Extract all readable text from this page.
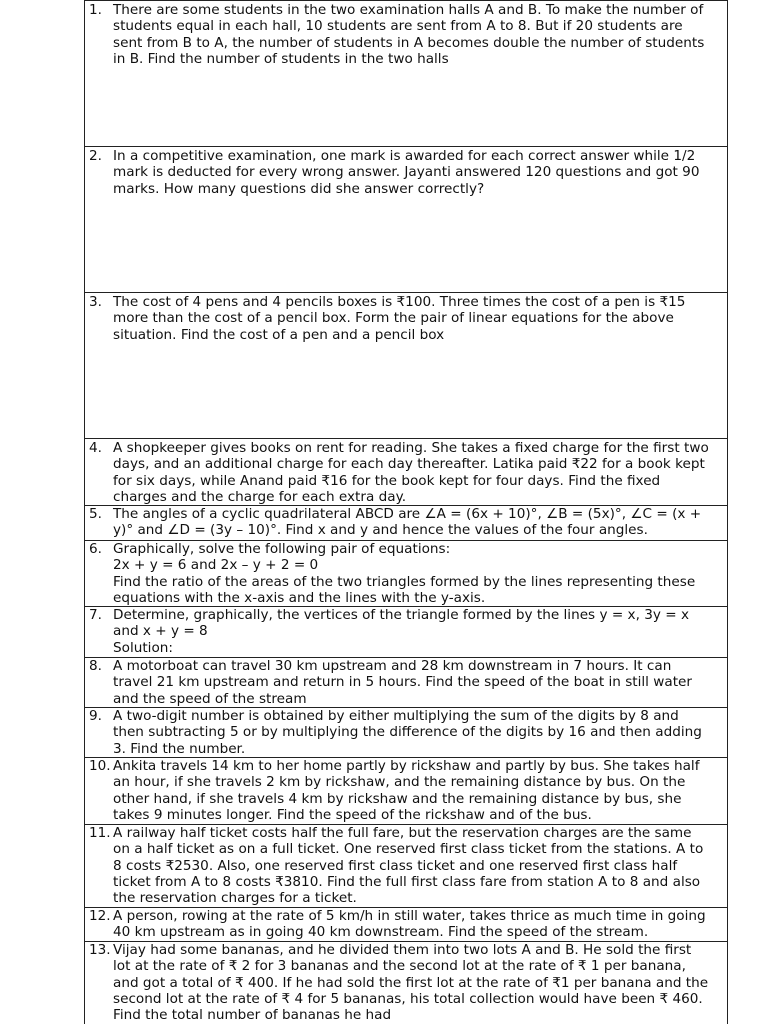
1. There are some students in the two examination halls A and B. To make the number of
students equal in each hall, 10 students are sent from A to 8. But if 20 students are
sent from B to A, the number of students in A becomes double the number of students
in B. Find the number of students in the two halls
2. In a competitive examination, one mark is awarded for each correct answer while 1/2
mark is deducted for every wrong answer. Jayanti answered 120 questions and got 90
marks. How many questions did she answer correctly?
3. The cost of 4 pens and 4 pencils boxes is ₹100. Three times the cost of a pen is ₹15
more than the cost of a pencil box. Form the pair of linear equations for the above
situation. Find the cost of a pen and a pencil box
4. A shopkeeper gives books on rent for reading. She takes a fixed charge for the first two
days, and an additional charge for each day thereafter. Latika paid ₹22 for a book kept
for six days, while Anand paid ₹16 for the book kept for four days. Find the fixed
charges and the charge for each extra day.
5. The angles of a cyclic quadrilateral ABCD are ∠A = (6x + 10)°, ∠B = (5x)°, ∠C = (x +
y)° and ∠D = (3y – 10)°. Find x and y and hence the values of the four angles.
6. Graphically, solve the following pair of equations:
2x + y = 6 and 2x – y + 2 = 0
Find the ratio of the areas of the two triangles formed by the lines representing these
equations with the x-axis and the lines with the y-axis.
7. Determine, graphically, the vertices of the triangle formed by the lines y = x, 3y = x
and x + y = 8
Solution:
8. A motorboat can travel 30 km upstream and 28 km downstream in 7 hours. It can
travel 21 km upstream and return in 5 hours. Find the speed of the boat in still water
and the speed of the stream
9. A two-digit number is obtained by either multiplying the sum of the digits by 8 and
then subtracting 5 or by multiplying the difference of the digits by 16 and then adding
3. Find the number.
10. Ankita travels 14 km to her home partly by rickshaw and partly by bus. She takes half
an hour, if she travels 2 km by rickshaw, and the remaining distance by bus. On the
other hand, if she travels 4 km by rickshaw and the remaining distance by bus, she
takes 9 minutes longer. Find the speed of the rickshaw and of the bus.
11. A railway half ticket costs half the full fare, but the reservation charges are the same
on a half ticket as on a full ticket. One reserved first class ticket from the stations. A to
8 costs ₹2530. Also, one reserved first class ticket and one reserved first class half
ticket from A to 8 costs ₹3810. Find the full first class fare from station A to 8 and also
the reservation charges for a ticket.
12. A person, rowing at the rate of 5 km/h in still water, takes thrice as much time in going
40 km upstream as in going 40 km downstream. Find the speed of the stream.
13. Vijay had some bananas, and he divided them into two lots A and B. He sold the first
lot at the rate of ₹ 2 for 3 bananas and the second lot at the rate of ₹ 1 per banana,
and got a total of ₹ 400. If he had sold the first lot at the rate of ₹1 per banana and the
second lot at the rate of ₹ 4 for 5 bananas, his total collection would have been ₹ 460.
Find the total number of bananas he had
